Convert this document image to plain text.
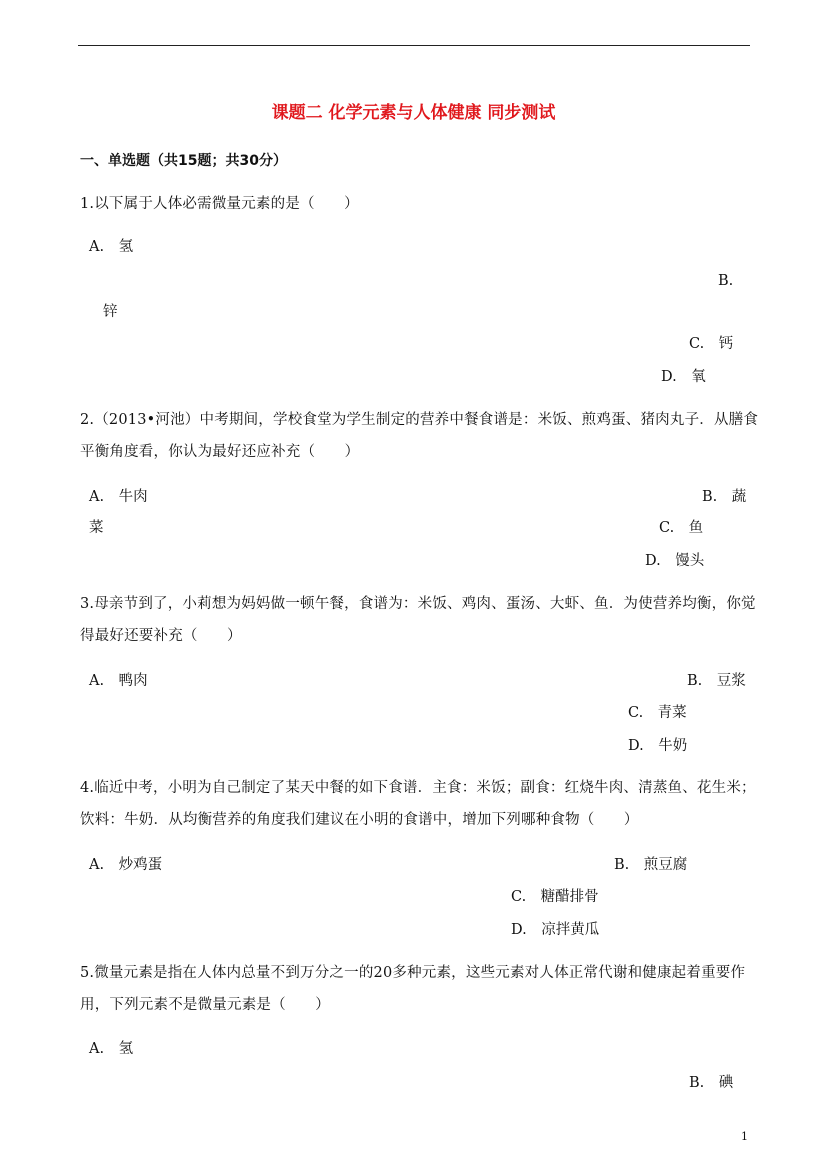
课题二 化学元素与人体健康 同步测试
一、单选题（共15题；共30分）
1.以下属于人体必需微量元素的是（　　）
A.　氢
B.
锌
C.　钙
D.　氧
2.（2013•河池）中考期间，学校食堂为学生制定的营养中餐食谱是：米饭、煎鸡蛋、猪肉丸子．从膳食
平衡角度看，你认为最好还应补充（　　）
A.　牛肉	B.　蔬
菜	C.　鱼
D.　馒头
3.母亲节到了，小莉想为妈妈做一顿午餐，食谱为：米饭、鸡肉、蛋汤、大虾、鱼．为使营养均衡，你觉
得最好还要补充（　　）
A.　鸭肉	B.　豆浆
C.　青菜
D.　牛奶
4.临近中考，小明为自己制定了某天中餐的如下食谱．主食：米饭；副食：红烧牛肉、清蒸鱼、花生米；
饮料：牛奶．从均衡营养的角度我们建议在小明的食谱中，增加下列哪种食物（　　）
A.　炒鸡蛋	B.　煎豆腐
C.　糖醋排骨
D.　凉拌黄瓜
5.微量元素是指在人体内总量不到万分之一的20多种元素，这些元素对人体正常代谢和健康起着重要作
用，下列元素不是微量元素是（　　）
A.　氢
B.　碘
1
